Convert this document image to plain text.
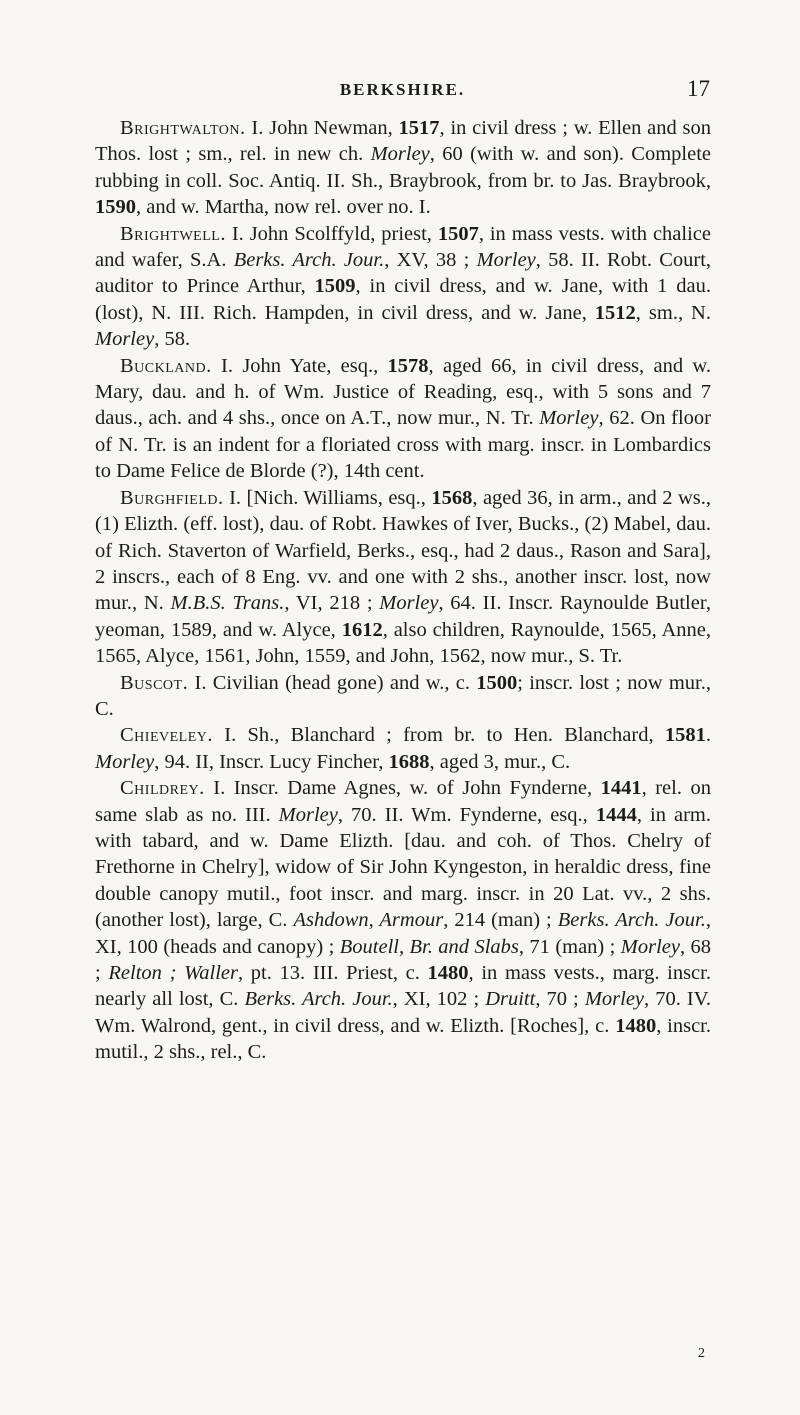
BERKSHIRE.	17

Brightwalton. I. John Newman, 1517, in civil dress ; w. Ellen and son Thos. lost ; sm., rel. in new ch. Morley, 60 (with w. and son). Complete rubbing in coll. Soc. Antiq. II. Sh., Braybrook, from br. to Jas. Braybrook, 1590, and w. Martha, now rel. over no. I.

Brightwell. I. John Scolffyld, priest, 1507, in mass vests. with chalice and wafer, S.A. Berks. Arch. Jour., XV, 38 ; Morley, 58. II. Robt. Court, auditor to Prince Arthur, 1509, in civil dress, and w. Jane, with 1 dau. (lost), N. III. Rich. Hampden, in civil dress, and w. Jane, 1512, sm., N. Morley, 58.

Buckland. I. John Yate, esq., 1578, aged 66, in civil dress, and w. Mary, dau. and h. of Wm. Justice of Reading, esq., with 5 sons and 7 daus., ach. and 4 shs., once on A.T., now mur., N. Tr. Morley, 62. On floor of N. Tr. is an indent for a floriated cross with marg. inscr. in Lombardics to Dame Felice de Blorde (?), 14th cent.

Burghfield. I. [Nich. Williams, esq., 1568, aged 36, in arm., and 2 ws., (1) Elizth. (eff. lost), dau. of Robt. Hawkes of Iver, Bucks., (2) Mabel, dau. of Rich. Staverton of Warfield, Berks., esq., had 2 daus., Rason and Sara], 2 inscrs., each of 8 Eng. vv. and one with 2 shs., another inscr. lost, now mur., N. M.B.S. Trans., VI, 218 ; Morley, 64. II. Inscr. Raynoulde Butler, yeoman, 1589, and w. Alyce, 1612, also children, Raynoulde, 1565, Anne, 1565, Alyce, 1561, John, 1559, and John, 1562, now mur., S. Tr.

Buscot. I. Civilian (head gone) and w., c. 1500; inscr. lost ; now mur., C.

Chieveley. I. Sh., Blanchard ; from br. to Hen. Blanchard, 1581. Morley, 94. II, Inscr. Lucy Fincher, 1688, aged 3, mur., C.

Childrey. I. Inscr. Dame Agnes, w. of John Fynderne, 1441, rel. on same slab as no. III. Morley, 70. II. Wm. Fynderne, esq., 1444, in arm. with tabard, and w. Dame Elizth. [dau. and coh. of Thos. Chelry of Frethorne in Chelry], widow of Sir John Kyngeston, in heraldic dress, fine double canopy mutil., foot inscr. and marg. inscr. in 20 Lat. vv., 2 shs. (another lost), large, C. Ashdown, Armour, 214 (man) ; Berks. Arch. Jour., XI, 100 (heads and canopy) ; Boutell, Br. and Slabs, 71 (man) ; Morley, 68 ; Relton ; Waller, pt. 13. III. Priest, c. 1480, in mass vests., marg. inscr. nearly all lost, C. Berks. Arch. Jour., XI, 102 ; Druitt, 70 ; Morley, 70. IV. Wm. Walrond, gent., in civil dress, and w. Elizth. [Roches], c. 1480, inscr. mutil., 2 shs., rel., C.

2
